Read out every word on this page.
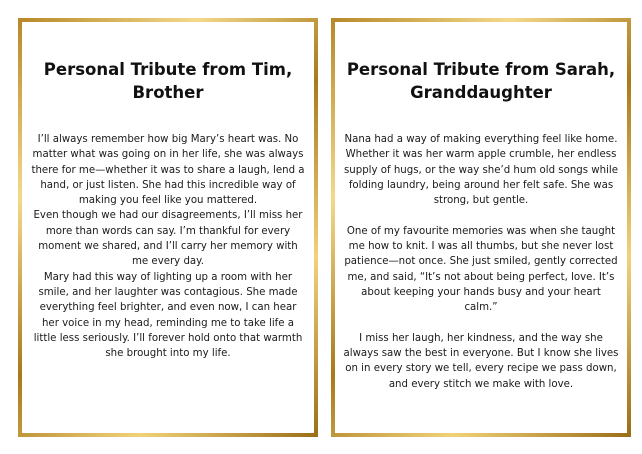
Personal Tribute from Tim, Brother

I’ll always remember how big Mary’s heart was. No matter what was going on in her life, she was always there for me—whether it was to share a laugh, lend a hand, or just listen. She had this incredible way of making you feel like you mattered.

Even though we had our disagreements, I’ll miss her more than words can say. I’m thankful for every moment we shared, and I’ll carry her memory with me every day.

Mary had this way of lighting up a room with her smile, and her laughter was contagious. She made everything feel brighter, and even now, I can hear her voice in my head, reminding me to take life a little less seriously. I’ll forever hold onto that warmth she brought into my life.

Personal Tribute from Sarah, Granddaughter

Nana had a way of making everything feel like home. Whether it was her warm apple crumble, her endless supply of hugs, or the way she’d hum old songs while folding laundry, being around her felt safe. She was strong, but gentle.

One of my favourite memories was when she taught me how to knit. I was all thumbs, but she never lost patience—not once. She just smiled, gently corrected me, and said, “It’s not about being perfect, love. It’s about keeping your hands busy and your heart calm.”

I miss her laugh, her kindness, and the way she always saw the best in everyone. But I know she lives on in every story we tell, every recipe we pass down, and every stitch we make with love.
